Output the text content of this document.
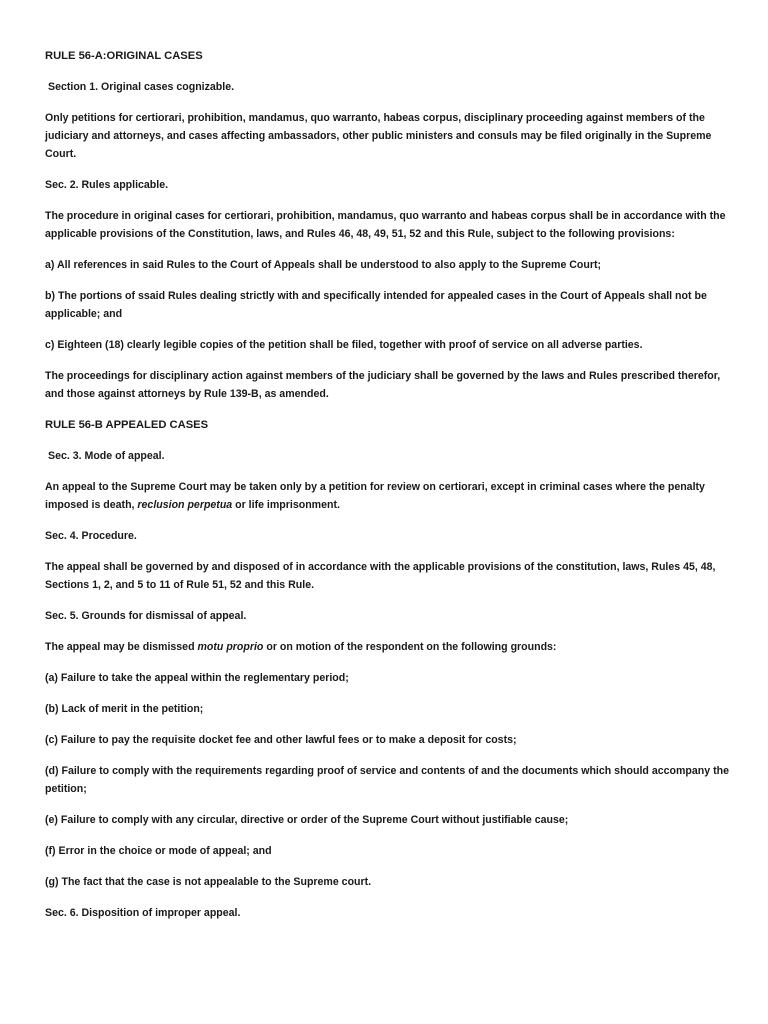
RULE 56-A:ORIGINAL CASES

Section 1. Original cases cognizable.

Only petitions for certiorari, prohibition, mandamus, quo warranto, habeas corpus, disciplinary proceeding against members of the judiciary and attorneys, and cases affecting ambassadors, other public ministers and consuls may be filed originally in the Supreme Court.

Sec. 2. Rules applicable.

The procedure in original cases for certiorari, prohibition, mandamus, quo warranto and habeas corpus shall be in accordance with the applicable provisions of the Constitution, laws, and Rules 46, 48, 49, 51, 52 and this Rule, subject to the following provisions:

a) All references in said Rules to the Court of Appeals shall be understood to also apply to the Supreme Court;

b) The portions of ssaid Rules dealing strictly with and specifically intended for appealed cases in the Court of Appeals shall not be applicable; and

c) Eighteen (18) clearly legible copies of the petition shall be filed, together with proof of service on all adverse parties.

The proceedings for disciplinary action against members of the judiciary shall be governed by the laws and Rules prescribed therefor, and those against attorneys by Rule 139-B, as amended.

RULE 56-B APPEALED CASES

Sec. 3. Mode of appeal.

An appeal to the Supreme Court may be taken only by a petition for review on certiorari, except in criminal cases where the penalty imposed is death, reclusion perpetua or life imprisonment.

Sec. 4. Procedure.

The appeal shall be governed by and disposed of in accordance with the applicable provisions of the constitution, laws, Rules 45, 48, Sections 1, 2, and 5 to 11 of Rule 51, 52 and this Rule.

Sec. 5. Grounds for dismissal of appeal.

The appeal may be dismissed motu proprio or on motion of the respondent on the following grounds:

(a) Failure to take the appeal within the reglementary period;

(b) Lack of merit in the petition;

(c) Failure to pay the requisite docket fee and other lawful fees or to make a deposit for costs;

(d) Failure to comply with the requirements regarding proof of service and contents of and the documents which should accompany the petition;

(e) Failure to comply with any circular, directive or order of the Supreme Court without justifiable cause;

(f) Error in the choice or mode of appeal; and

(g) The fact that the case is not appealable to the Supreme court.

Sec. 6. Disposition of improper appeal.
